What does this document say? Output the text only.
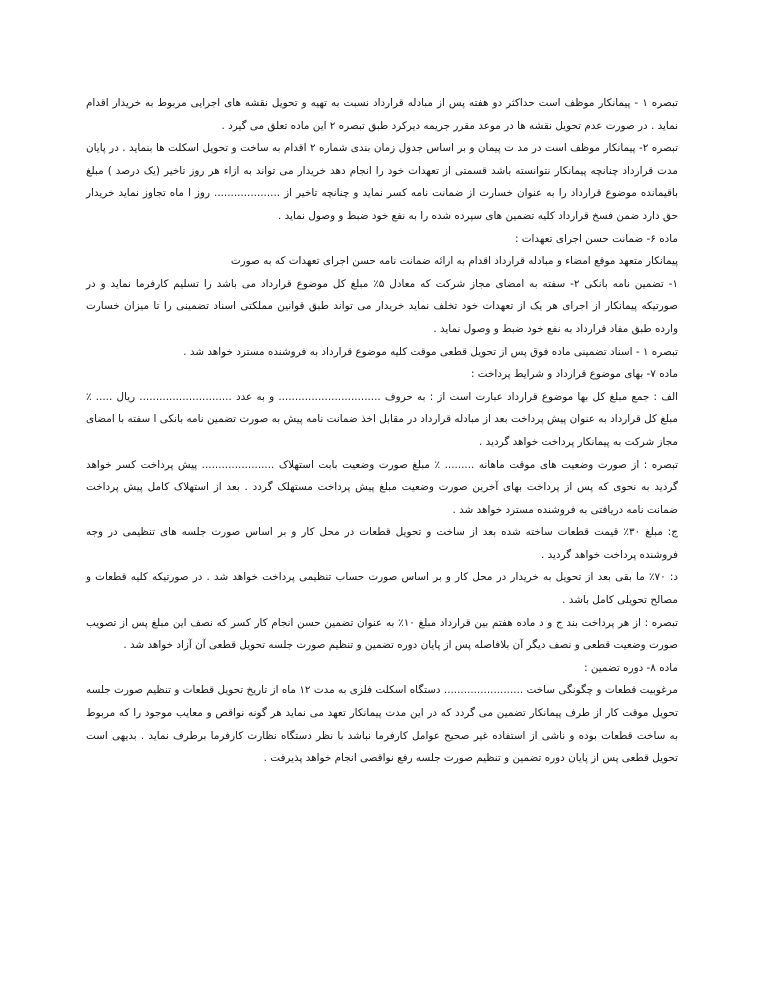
تبصره ۱ - پیمانکار موظف است حداکثر دو هفته پس از مبادله قرارداد نسبت به تهیه و تحویل نقشه های اجرایی مربوط به خریدار اقدام نماید . در صورت عدم تحویل نقشه ها در موعد مقرر جریمه دیرکرد طبق تبصره ۲ این ماده تعلق می گیرد .

تبصره ۲- پیمانکار موظف است در مد ت پیمان و بر اساس جدول زمان بندی شماره ۲ اقدام به ساخت و تحویل اسکلت ها بنماید . در پایان مدت قرارداد چنانچه پیمانکار نتوانسته باشد قسمتی از تعهدات خود را انجام دهد خریدار می تواند به ازاء هر روز تاخیر (یک درصد ) مبلغ باقیمانده موضوع قرارداد را به عنوان خسارت از ضمانت نامه کسر نماید و چنانچه تاخیر از .................... روز ا ماه تجاوز نماید خریدار حق دارد ضمن فسخ قرارداد کلیه تضمین های سپرده شده را به نفع خود ضبط و وصول نماید .

ماده ۶- ضمانت حسن اجرای تعهدات :

پیمانکار متعهد موقع امضاء و مبادله قرارداد اقدام به ارائه ضمانت نامه حسن اجرای تعهدات که به صورت

۱- تضمین نامه بانکی ۲- سفته به امضای مجاز شرکت که معادل ۵٪ مبلغ کل موضوع قرارداد می باشد را تسلیم کارفرما نماید و در صورتیکه پیمانکار از اجرای هر یک از تعهدات خود تخلف نماید خریدار می تواند طبق قوانین مملکتی اسناد تضمینی را تا میزان خسارت وارده طبق مفاد قرارداد به نفع خود ضبط و وصول نماید .

تبصره ۱ - اسناد تضمینی ماده فوق پس از تحویل قطعی موقت کلیه موضوع قرارداد به فروشنده مسترد خواهد شد .

ماده ۷- بهای موضوع قرارداد و شرایط پرداخت :

الف : جمع مبلغ کل بها موضوع قرارداد عبارت است از : به حروف ............................... و به عدد ............................ ریال ..... ٪ مبلغ کل قرارداد به عنوان پیش پرداخت بعد از مبادله قرارداد در مقابل اخذ ضمانت نامه پیش به صورت تضمین نامه بانکی ا سفته با امضای مجاز شرکت به پیمانکار پرداخت خواهد گردید .

تبصره : از صورت وضعیت های موقت ماهانه ......... ٪ مبلغ صورت وضعیت بابت استهلاک ...................... پیش پرداخت کسر خواهد گردید به نحوی که پس از پرداخت بهای آخرین صورت وضعیت مبلغ پیش پرداخت مستهلک گردد . بعد از استهلاک کامل پیش پرداخت ضمانت نامه دریافتی به فروشنده مسترد خواهد شد .

ج: مبلغ ۳۰٪ قیمت قطعات ساخته شده بعد از ساخت و تحویل قطعات در محل کار و بر اساس صورت جلسه های تنظیمی در وجه فروشنده پرداخت خواهد گردید .

د: ۷۰٪ ما بقی بعد از تحویل به خریدار در محل کار و بر اساس صورت حساب تنظیمی پرداخت خواهد شد . در صورتیکه کلیه قطعات و مصالح تحویلی کامل باشد .

تبصره : از هر پرداخت بند ج و د ماده هفتم بین قرارداد مبلغ ۱۰٪ به عنوان تضمین حسن انجام کار کسر که نصف این مبلغ پس از تصویب صورت وضعیت قطعی و نصف دیگر آن بلافاصله پس از پایان دوره تضمین و تنظیم صورت جلسه تحویل قطعی آن آزاد خواهد شد .

ماده ۸- دوره تضمین :

مرغوبیت قطعات و چگونگی ساخت ........................ دستگاه اسکلت فلزی به مدت ۱۲ ماه از تاریخ تحویل قطعات و تنظیم صورت جلسه تحویل موقت کار از طرف پیمانکار تضمین می گردد که در این مدت پیمانکار تعهد می نماید هر گونه نواقص و معایب موجود را که مربوط به ساخت قطعات بوده و ناشی از استفاده غیر صحیح عوامل کارفرما نباشد با نظر دستگاه نظارت کارفرما برطرف نماید . بدیهی است تحویل قطعی پس از پایان دوره تضمین و تنظیم صورت جلسه رفع نواقصی انجام خواهد پذیرفت .
